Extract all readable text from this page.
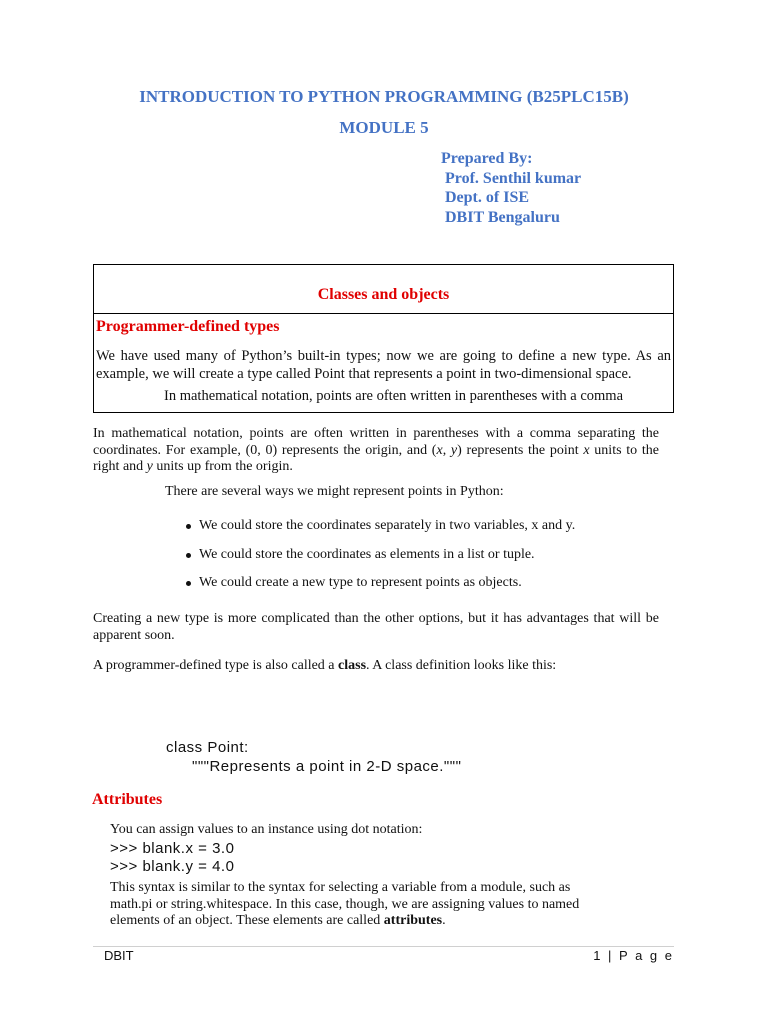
INTRODUCTION TO PYTHON PROGRAMMING (B25PLC15B)
MODULE 5
Prepared By:
Prof. Senthil kumar
Dept. of ISE
DBIT Bengaluru
Classes and objects
Programmer-defined types
We have used many of Python’s built-in types; now we are going to define a new type. As an example, we will create a type called Point that represents a point in two-dimensional space.
In mathematical notation, points are often written in parentheses with a comma
In mathematical notation, points are often written in parentheses with a comma separating the coordinates. For example, (0, 0) represents the origin, and (x, y) represents the point x units to the right and y units up from the origin.
There are several ways we might represent points in Python:
We could store the coordinates separately in two variables, x and y.
We could store the coordinates as elements in a list or tuple.
We could create a new type to represent points as objects.
Creating a new type is more complicated than the other options, but it has advantages that will be apparent soon.
A programmer-defined type is also called a class. A class definition looks like this:
class Point:
"""Represents a point in 2-D space."""
Attributes
You can assign values to an instance using dot notation:
>>> blank.x = 3.0
>>> blank.y = 4.0
This syntax is similar to the syntax for selecting a variable from a module, such as math.pi or string.whitespace. In this case, though, we are assigning values to named elements of an object. These elements are called attributes.
DBIT	1 | P a g e
